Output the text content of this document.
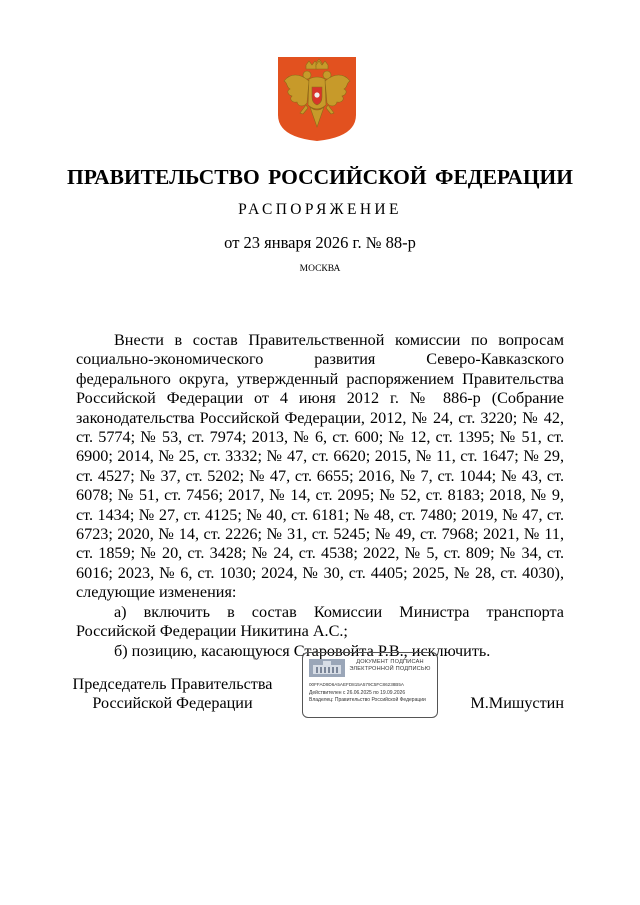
ПРАВИТЕЛЬСТВО РОССИЙСКОЙ ФЕДЕРАЦИИ
РАСПОРЯЖЕНИЕ
от 23 января 2026 г. № 88-р
МОСКВА

Внести в состав Правительственной комиссии по вопросам социально-экономического развития Северо-Кавказского федерального округа, утвержденный распоряжением Правительства Российской Федерации от 4 июня 2012 г. № 886-р (Собрание законодательства Российской Федерации, 2012, № 24, ст. 3220; № 42, ст. 5774; № 53, ст. 7974; 2013, № 6, ст. 600; № 12, ст. 1395; № 51, ст. 6900; 2014, № 25, ст. 3332; № 47, ст. 6620; 2015, № 11, ст. 1647; № 29, ст. 4527; № 37, ст. 5202; № 47, ст. 6655; 2016, № 7, ст. 1044; № 43, ст. 6078; № 51, ст. 7456; 2017, № 14, ст. 2095; № 52, ст. 8183; 2018, № 9, ст. 1434; № 27, ст. 4125; № 40, ст. 6181; № 48, ст. 7480; 2019, № 47, ст. 6723; 2020, № 14, ст. 2226; № 31, ст. 5245; № 49, ст. 7968; 2021, № 11, ст. 1859; № 20, ст. 3428; № 24, ст. 4538; 2022, № 5, ст. 809; № 34, ст. 6016; 2023, № 6, ст. 1030; 2024, № 30, ст. 4405; 2025, № 28, ст. 4030), следующие изменения:

а) включить в состав Комиссии Министра транспорта Российской Федерации Никитина А.С.;

б) позицию, касающуюся Старовойта Р.В., исключить.

Председатель Правительства
Российской Федерации
ДОКУМЕНТ ПОДПИСАН ЭЛЕКТРОННОЙ ПОДПИСЬЮ
00FFAD9D6A5AEFD815A579C5FC86238B5A
Действителен с 26.06.2025 по 19.09.2026
Владелец: Правительство Российской Федерации	М.Мишустин
